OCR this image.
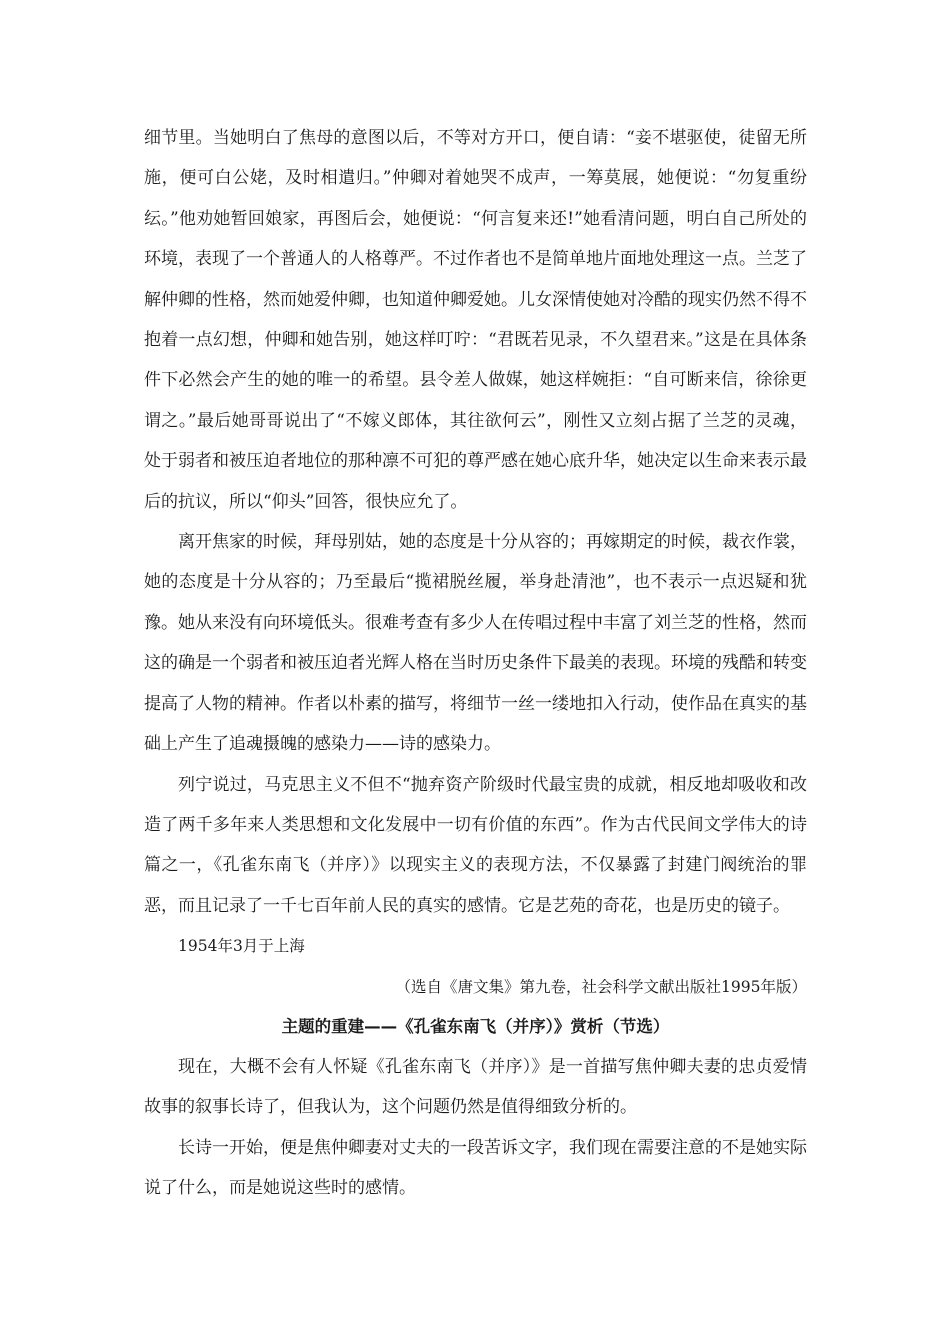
细节里。当她明白了焦母的意图以后，不等对方开口，便自请：“妾不堪驱使，徒留无所施，便可白公姥，及时相遣归。”仲卿对着她哭不成声，一筹莫展，她便说：“勿复重纷纭。”他劝她暂回娘家，再图后会，她便说：“何言复来还!”她看清问题，明白自己所处的环境，表现了一个普通人的人格尊严。不过作者也不是简单地片面地处理这一点。兰芝了解仲卿的性格，然而她爱仲卿，也知道仲卿爱她。儿女深情使她对冷酷的现实仍然不得不抱着一点幻想，仲卿和她告别，她这样叮咛：“君既若见录，不久望君来。”这是在具体条件下必然会产生的她的唯一的希望。县令差人做媒，她这样婉拒：“自可断来信，徐徐更谓之。”最后她哥哥说出了“不嫁义郎体，其往欲何云”，刚性又立刻占据了兰芝的灵魂，处于弱者和被压迫者地位的那种凛不可犯的尊严感在她心底升华，她决定以生命来表示最后的抗议，所以“仰头”回答，很快应允了。

离开焦家的时候，拜母别姑，她的态度是十分从容的；再嫁期定的时候，裁衣作裳，她的态度是十分从容的；乃至最后“揽裙脱丝履，举身赴清池”，也不表示一点迟疑和犹豫。她从来没有向环境低头。很难考查有多少人在传唱过程中丰富了刘兰芝的性格，然而这的确是一个弱者和被压迫者光辉人格在当时历史条件下最美的表现。环境的残酷和转变提高了人物的精神。作者以朴素的描写，将细节一丝一缕地扣入行动，使作品在真实的基础上产生了追魂摄魄的感染力——诗的感染力。

列宁说过，马克思主义不但不“抛弃资产阶级时代最宝贵的成就，相反地却吸收和改造了两千多年来人类思想和文化发展中一切有价值的东西”。作为古代民间文学伟大的诗篇之一，《孔雀东南飞（并序）》以现实主义的表现方法，不仅暴露了封建门阀统治的罪恶，而且记录了一千七百年前人民的真实的感情。它是艺苑的奇花，也是历史的镜子。

1954年3月于上海

（选自《唐文集》第九卷，社会科学文献出版社1995年版）

主题的重建——《孔雀东南飞（并序）》赏析（节选）

现在，大概不会有人怀疑《孔雀东南飞（并序）》是一首描写焦仲卿夫妻的忠贞爱情故事的叙事长诗了，但我认为，这个问题仍然是值得细致分析的。

长诗一开始，便是焦仲卿妻对丈夫的一段苦诉文字，我们现在需要注意的不是她实际说了什么，而是她说这些时的感情。
